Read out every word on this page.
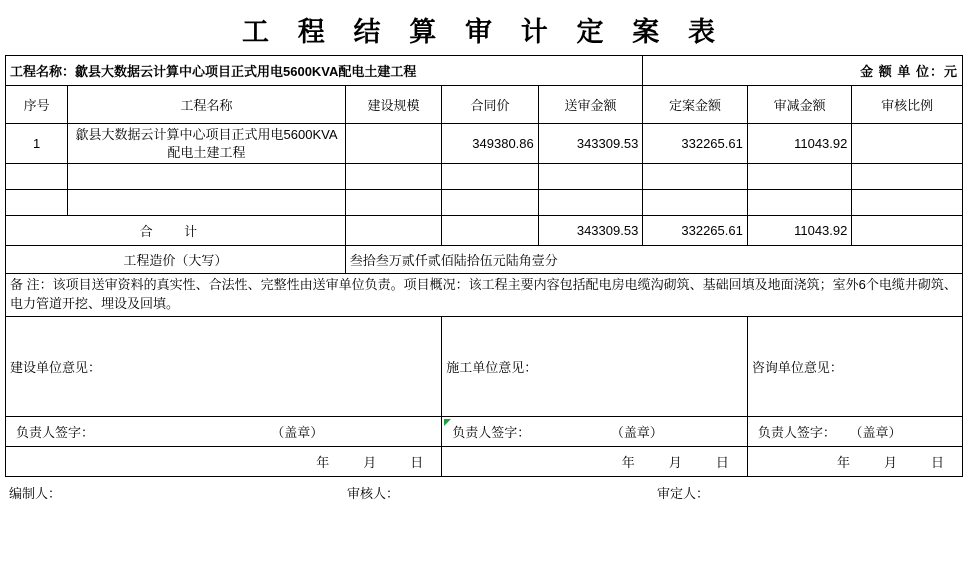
工 程 结 算 审 计 定 案 表
工程名称：歙县大数据云计算中心项目正式用电5600KVA配电土建工程					金 额 单 位：元		
序号	工程名称	建设规模	合同价	送审金额	定案金额	审减金额	审核比例
1	歙县大数据云计算中心项目正式用电5600KVA配电土建工程		349380.86	343309.53	332265.61	11043.92	

合 计				343309.53	332265.61	11043.92	
工程造价（大写）		叁拾叁万贰仟贰佰陆拾伍元陆角壹分					
备 注：该项目送审资料的真实性、合法性、完整性由送审单位负责。项目概况：该工程主要内容包括配电房电缆沟砌筑、基础回填及地面浇筑；室外6个电缆井砌筑、电力管道开挖、埋设及回填。							
建设单位意见：			施工单位意见：			咨询单位意见：	

负责人签字： （盖章）			负责人签字： （盖章）			负责人签字： （盖章）	

年 月 日			年 月 日			年 月 日	
编制人：	审核人：	审定人：
